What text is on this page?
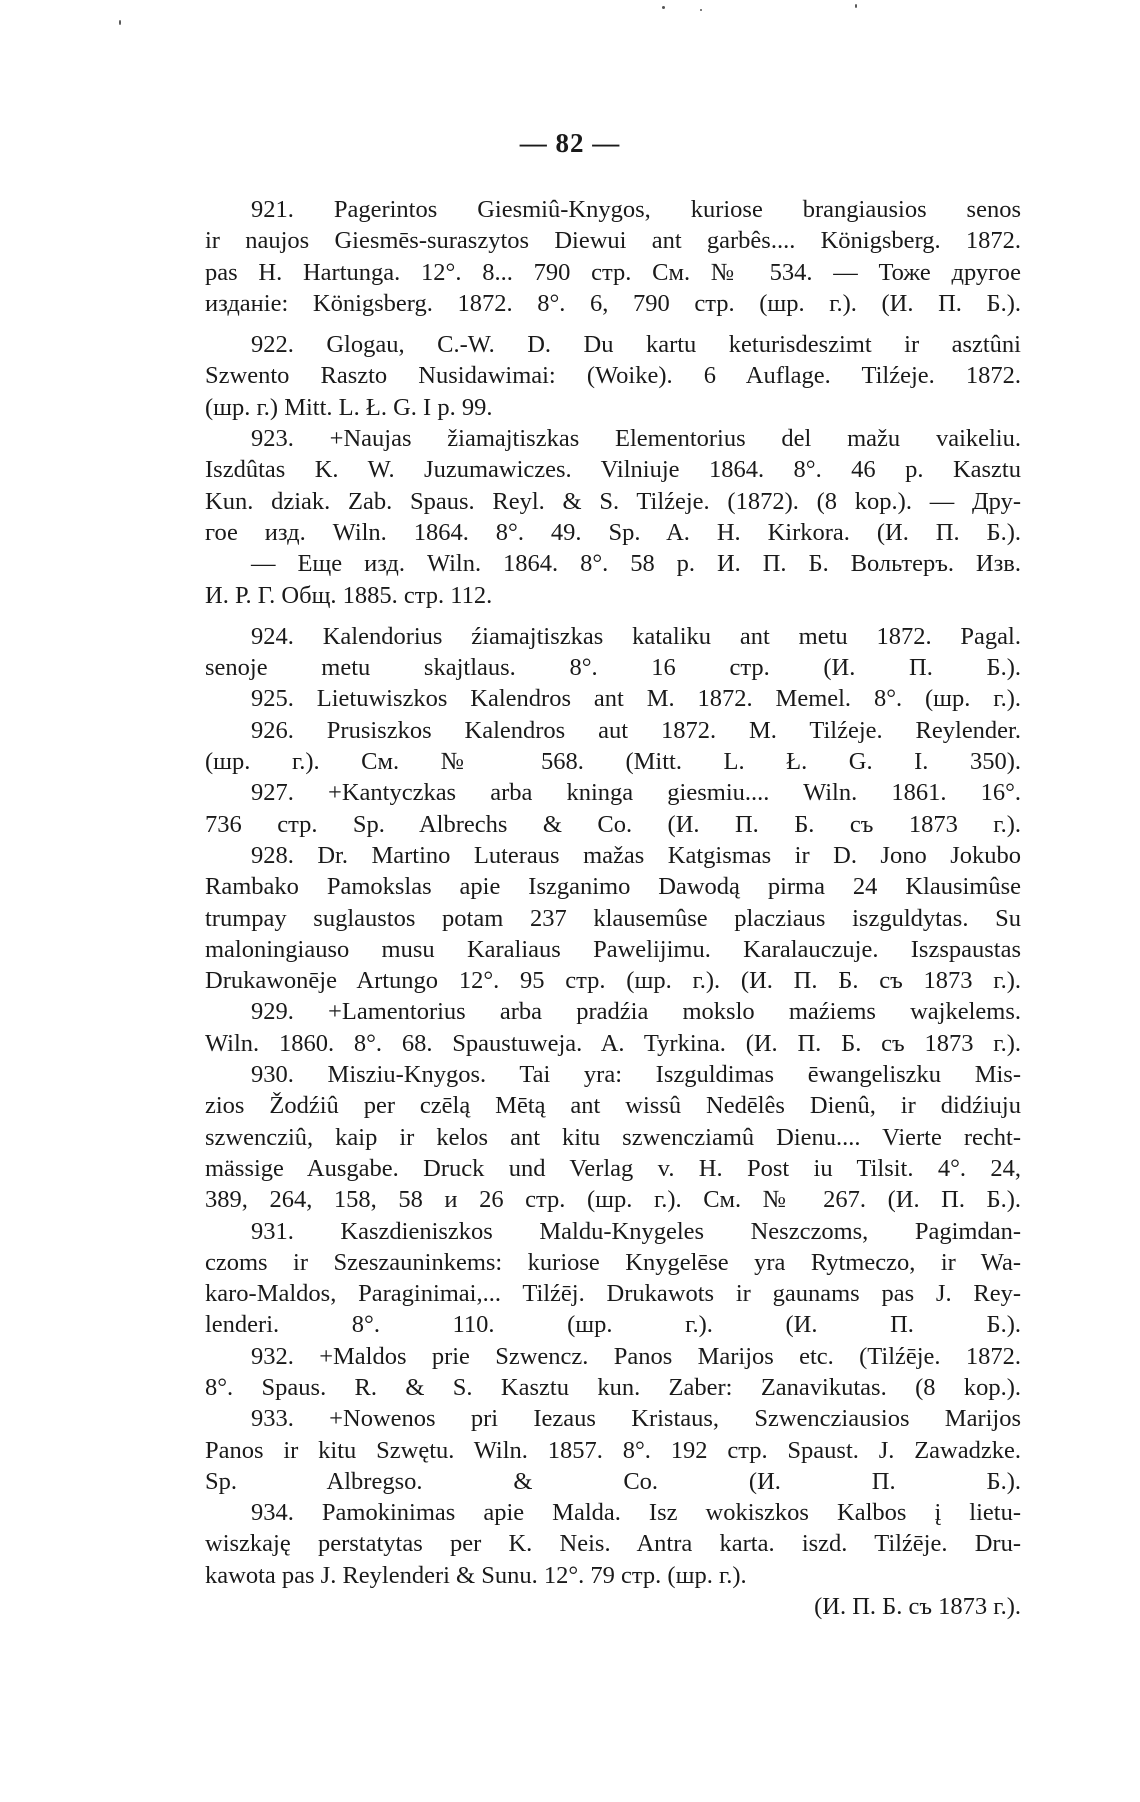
— 82 —
921. Pagerintos Giesmiû-Knygos, kuriose brangiausios senos
ir naujos Giesmēs-suraszytos Diewui ant garbês.... Königsberg. 1872.
pas H. Hartunga. 12°. 8... 790 стр. См. № 534. — Тоже другое
изданіе: Königsberg. 1872. 8°. 6, 790 стр. (шр. г.). (И. П. Б.).
922. Glogau, C.-W. D. Du kartu keturisdeszimt ir asztûni
Szwento Raszto Nusidawimai: (Woike). 6 Auflage. Tilźeje. 1872.
(шр. г.) Mitt. L. Ł. G. I p. 99.
923. +Naujas žiamajtiszkas Elementorius del mažu vaikeliu.
Iszdûtas K. W. Juzumawiczes. Vilniuje 1864. 8°. 46 p. Kasztu
Kun. dziak. Zab. Spaus. Reyl. & S. Tilźeje. (1872). (8 kop.). — Дру-
гое изд. Wiln. 1864. 8°. 49. Sp. A. H. Kirkora. (И. П. Б.).
— Еще изд. Wiln. 1864. 8°. 58 p. И. П. Б. Вольтеръ. Изв.
И. Р. Г. Общ. 1885. стр. 112.
924. Kalendorius źiamajtiszkas kataliku ant metu 1872. Pagal.
senoje metu skajtlaus. 8°. 16 стр. (И. П. Б.).
925. Lietuwiszkos Kalendros ant M. 1872. Memel. 8°. (шр. г.).
926. Prusiszkos Kalendros aut 1872. M. Tilźeje. Reylender.
(шр. г.). См. № 568. (Mitt. L. Ł. G. I. 350).
927. +Kantyczkas arba kninga giesmiu.... Wiln. 1861. 16°.
736 стр. Sp. Albrechs & Co. (И. П. Б. съ 1873 г.).
928. Dr. Martino Luteraus mažas Katgismas ir D. Jono Jokubo
Rambako Pamokslas apie Iszganimo Dawodą pirma 24 Klausimûse
trumpay suglaustos potam 237 klausemûse placziaus iszguldytas. Su
maloningiauso musu Karaliaus Pawelijimu. Karalauczuje. Iszspaustas
Drukawonēje Artungo 12°. 95 стр. (шр. г.). (И. П. Б. съ 1873 г.).
929. +Lamentorius arba pradźia mokslo maźiems wajkelems.
Wiln. 1860. 8°. 68. Spaustuweja. A. Tyrkina. (И. П. Б. съ 1873 г.).
930. Misziu-Knygos. Tai yra: Iszguldimas ēwangeliszku Mis-
zios Žodźiû per czēlą Mētą ant wissû Nedēlês Dienû, ir didźiuju
szwencziû, kaip ir kelos ant kitu szwencziamû Dienu.... Vierte recht-
mässige Ausgabe. Druck und Verlag v. H. Post iu Tilsit. 4°. 24,
389, 264, 158, 58 и 26 стр. (шр. г.). См. № 267. (И. П. Б.).
931. Kaszdieniszkos Maldu-Knygeles Neszczoms, Pagimdan-
czoms ir Szeszauninkems: kuriose Knygelēse yra Rytmeczo, ir Wa-
karo-Maldos, Paraginimai,... Tilźēj. Drukawots ir gaunams pas J. Rey-
lenderi. 8°. 110. (шр. г.). (И. П. Б.).
932. +Maldos prie Szwencz. Panos Marijos etc. (Tilźēje. 1872.
8°. Spaus. R. & S. Kasztu kun. Zaber: Zanavikutas. (8 kop.).
933. +Nowenos pri Iezaus Kristaus, Szwencziausios Marijos
Panos ir kitu Szwętu. Wiln. 1857. 8°. 192 стр. Spaust. J. Zawadzke.
Sp. Albregso. & Co. (И. П. Б.).
934. Pamokinimas apie Malda. Isz wokiszkos Kalbos į lietu-
wiszkaję perstatytas per K. Neis. Antra karta. iszd. Tilźēje. Dru-
kawota pas J. Reylenderi & Sunu. 12°. 79 стр. (шр. г.).
(И. П. Б. съ 1873 г.).
